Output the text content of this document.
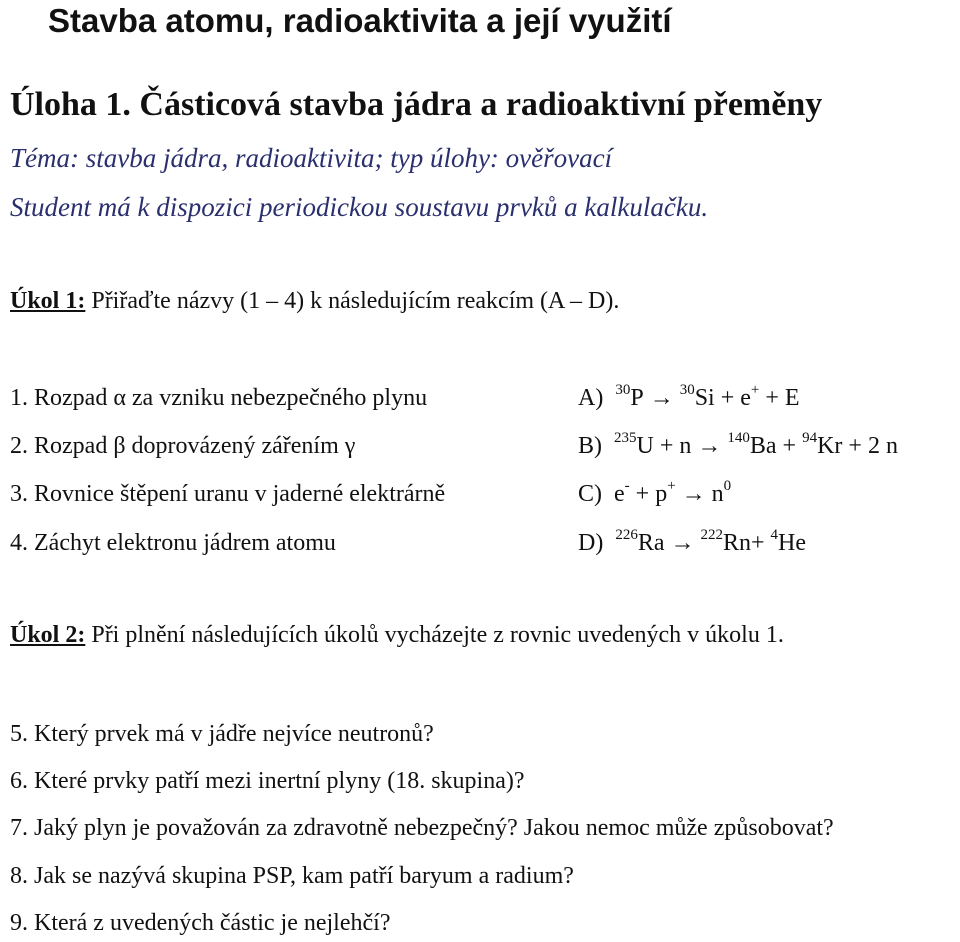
Stavba atomu, radioaktivita a její využití
Úloha 1. Částicová stavba jádra a radioaktivní přeměny
Téma: stavba jádra, radioaktivita; typ úlohy: ověřovací
Student má k dispozici periodickou soustavu prvků a kalkulačku.
Úkol 1: Přiřaďte názvy (1 – 4) k následujícím reakcím (A – D).
1. Rozpad α za vzniku nebezpečného plynu
2. Rozpad β doprovázený zářením γ
3. Rovnice štěpení uranu v jaderné elektrárně
4. Záchyt elektronu jádrem atomu
A) $^{30}$P → $^{30}$Si + e+ + E
B) $^{235}$U + n → $^{140}$Ba + $^{94}$Kr + 2 n
C) $e^- + p^+ \to n^0$
D) $^{226}$Ra → $^{222}$Rn+ $^4$He
Úkol 2: Při plnění následujících úkolů vycházejte z rovnic uvedených v úkolu 1.
5. Který prvek má v jádře nejvíce neutronů?
6. Které prvky patří mezi inertní plyny (18. skupina)?
7. Jaký plyn je považován za zdravotně nebezpečný? Jakou nemoc může způsobovat?
8. Jak se nazývá skupina PSP, kam patří baryum a radium?
9. Která z uvedených částic je nejlehčí?
